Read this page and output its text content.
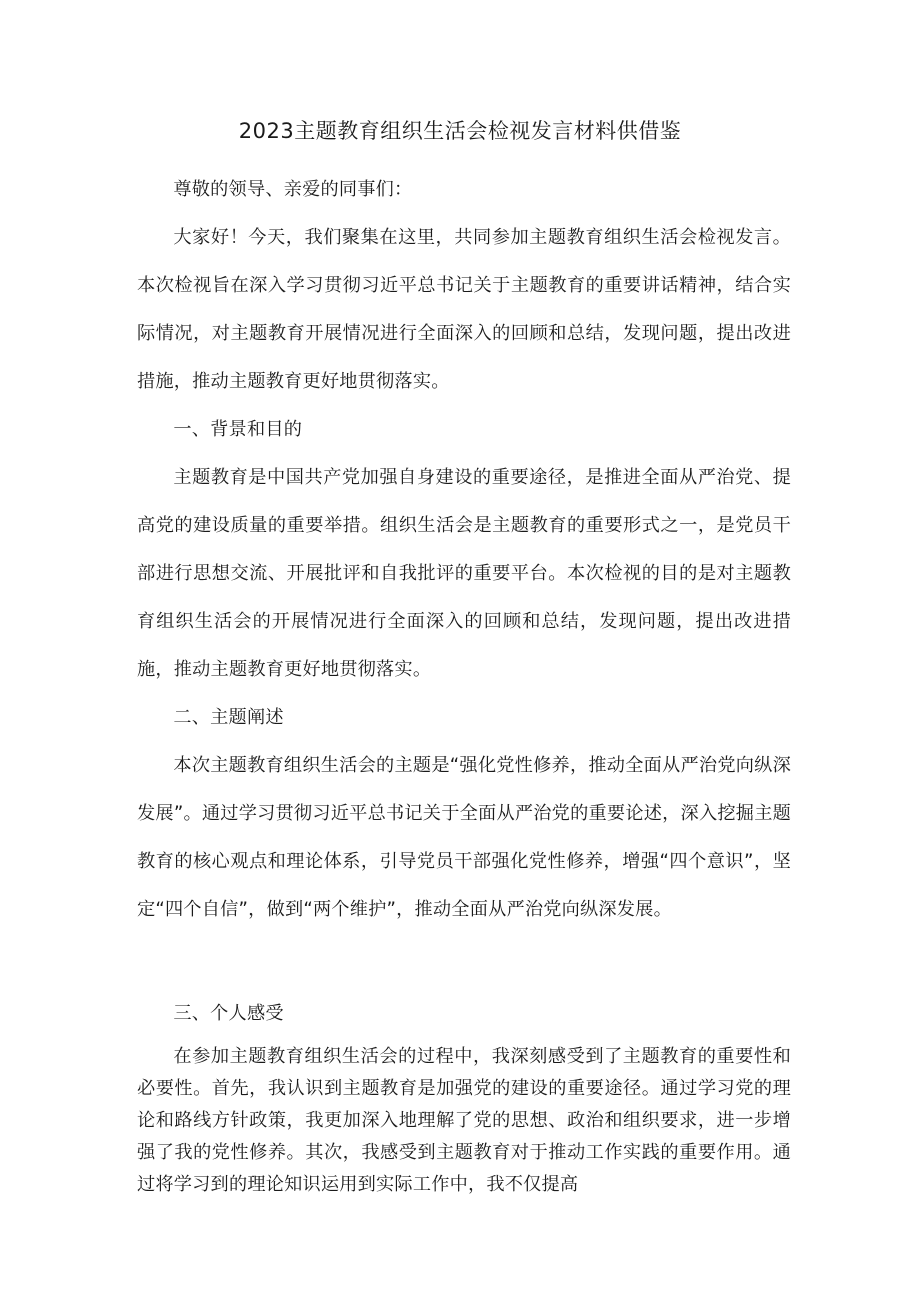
2023主题教育组织生活会检视发言材料供借鉴

尊敬的领导、亲爱的同事们：

大家好！今天，我们聚集在这里，共同参加主题教育组织生活会检视发言。本次检视旨在深入学习贯彻习近平总书记关于主题教育的重要讲话精神，结合实际情况，对主题教育开展情况进行全面深入的回顾和总结，发现问题，提出改进措施，推动主题教育更好地贯彻落实。

一、背景和目的

主题教育是中国共产党加强自身建设的重要途径，是推进全面从严治党、提高党的建设质量的重要举措。组织生活会是主题教育的重要形式之一，是党员干部进行思想交流、开展批评和自我批评的重要平台。本次检视的目的是对主题教育组织生活会的开展情况进行全面深入的回顾和总结，发现问题，提出改进措施，推动主题教育更好地贯彻落实。

二、主题阐述

本次主题教育组织生活会的主题是“强化党性修养，推动全面从严治党向纵深发展”。通过学习贯彻习近平总书记关于全面从严治党的重要论述，深入挖掘主题教育的核心观点和理论体系，引导党员干部强化党性修养，增强“四个意识”，坚定“四个自信”，做到“两个维护”，推动全面从严治党向纵深发展。

三、个人感受

在参加主题教育组织生活会的过程中，我深刻感受到了主题教育的重要性和必要性。首先，我认识到主题教育是加强党的建设的重要途径。通过学习党的理论和路线方针政策，我更加深入地理解了党的思想、政治和组织要求，进一步增强了我的党性修养。其次，我感受到主题教育对于推动工作实践的重要作用。通过将学习到的理论知识运用到实际工作中，我不仅提高
